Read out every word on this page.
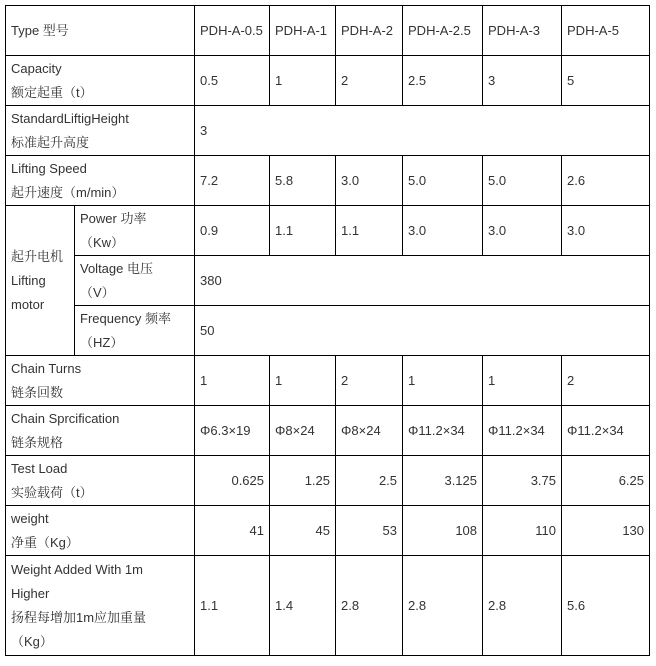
Type 型号		PDH-A-0.5	PDH-A-1	PDH-A-2	PDH-A-2.5	PDH-A-3	PDH-A-5

Capacity
额定起重（t）		0.5	1	2	2.5	3	5

StandardLiftigHeight
标准起升高度		3					

Lifting Speed
起升速度（m/min）		7.2	5.8	3.0	5.0	5.0	2.6

起升电机
Lifting
motor	Power 功率
（Kw）	0.9	1.1	1.1	3.0	3.0	3.0

	Voltage 电压
（V）	380					

	Frequency 频率
（HZ）	50					

Chain Turns
链条回数		1	1	2	1	1	2

Chain Sprcification
链条规格		Φ6.3×19	Φ8×24	Φ8×24	Φ11.2×34	Φ11.2×34	Φ11.2×34

Test Load
实验载荷（t）		0.625	1.25	2.5	3.125	3.75	6.25

weight
净重（Kg）		41	45	53	108	110	130

Weight Added With 1m
Higher
扬程每增加1m应加重量
（Kg）		1.1	1.4	2.8	2.8	2.8	5.6
